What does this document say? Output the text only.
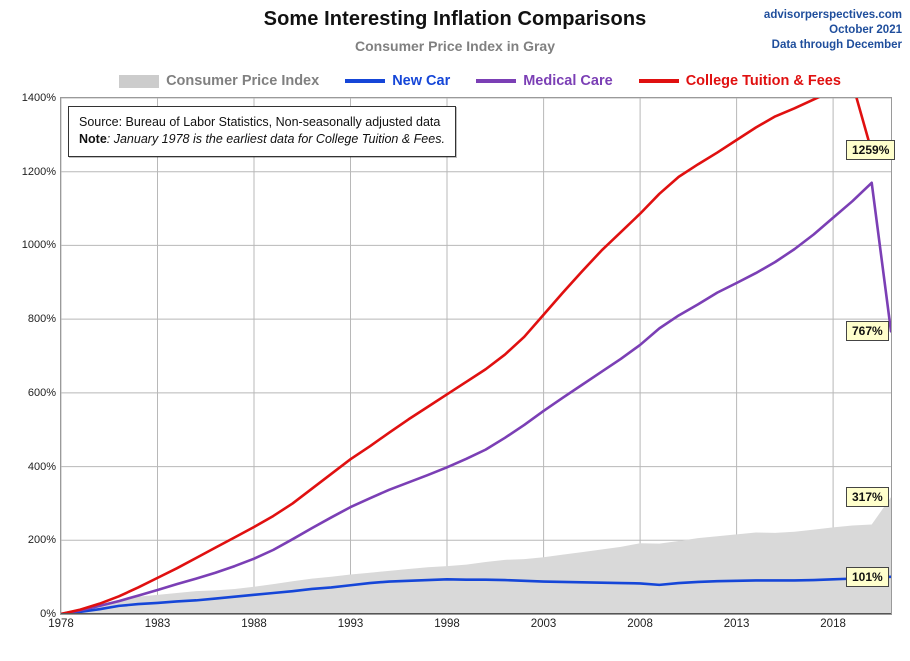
Some Interesting Inflation Comparisons
Consumer Price Index in Gray
advisorperspectives.com
October 2021
Data through December
Consumer Price Index	New Car	Medical Care	College Tuition & Fees
0%
200%
400%
600%
800%
1000%
1200%
1400%
1978	1983	1988	1993	1998	2003	2008	2013	2018
Source: Bureau of Labor Statistics, Non-seasonally adjusted data
Note: January 1978 is the earliest data for College Tuition & Fees.
1259%
767%
317%
101%
